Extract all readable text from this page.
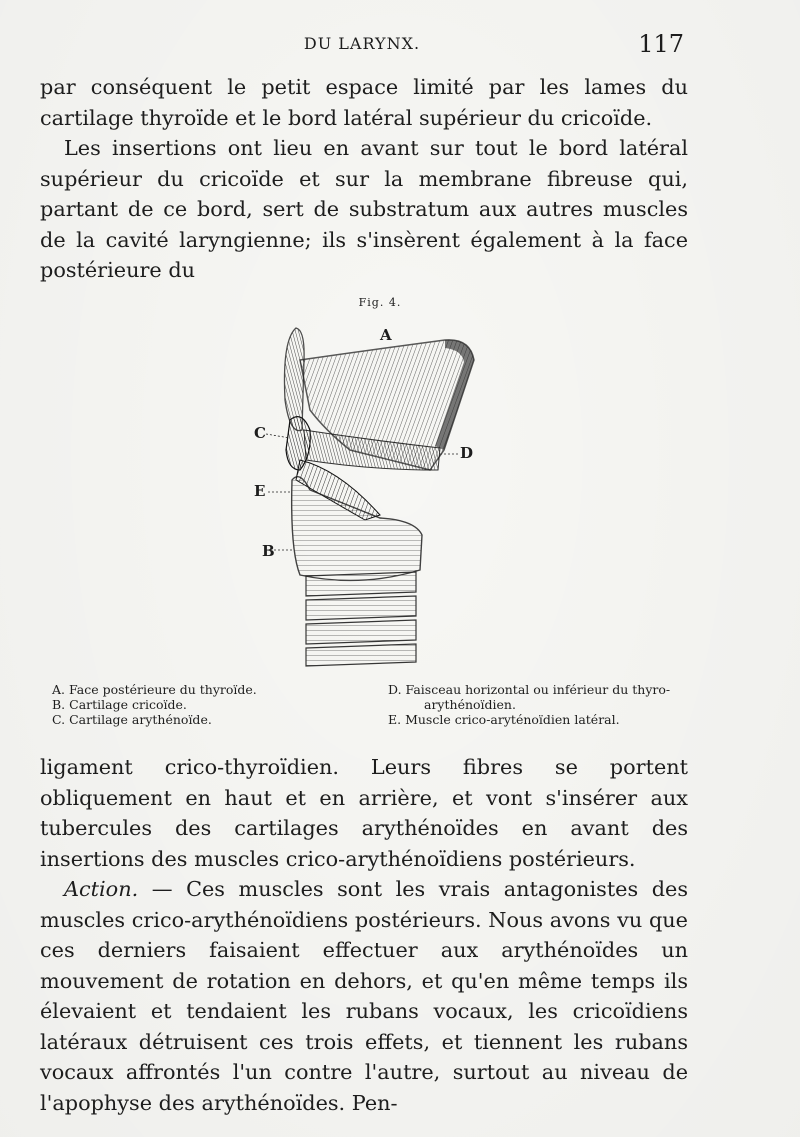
DU LARYNX.	117

par conséquent le petit espace limité par les lames du cartilage thyroïde et le bord latéral supérieur du cricoïde.

Les insertions ont lieu en avant sur tout le bord latéral supérieur du cricoïde et sur la membrane fibreuse qui, partant de ce bord, sert de substratum aux autres muscles de la cavité laryngienne; ils s'insèrent également à la face postérieure du

Fig. 4.
A
B
C
D
E
A. Face postérieure du thyroïde.
B. Cartilage cricoïde.
C. Cartilage arythénoïde.
D. Faisceau horizontal ou inférieur du thyro-
arythénoïdien.
E. Muscle crico-aryténoïdien latéral.

ligament crico-thyroïdien. Leurs fibres se portent obliquement en haut et en arrière, et vont s'insérer aux tubercules des cartilages arythénoïdes en avant des insertions des muscles crico-arythénoïdiens postérieurs.

Action. — Ces muscles sont les vrais antagonistes des muscles crico-arythénoïdiens postérieurs. Nous avons vu que ces derniers faisaient effectuer aux arythénoïdes un mouvement de rotation en dehors, et qu'en même temps ils élevaient et tendaient les rubans vocaux, les cricoïdiens latéraux détruisent ces trois effets, et tiennent les rubans vocaux affrontés l'un contre l'autre, surtout au niveau de l'apophyse des arythénoïdes. Pen-
